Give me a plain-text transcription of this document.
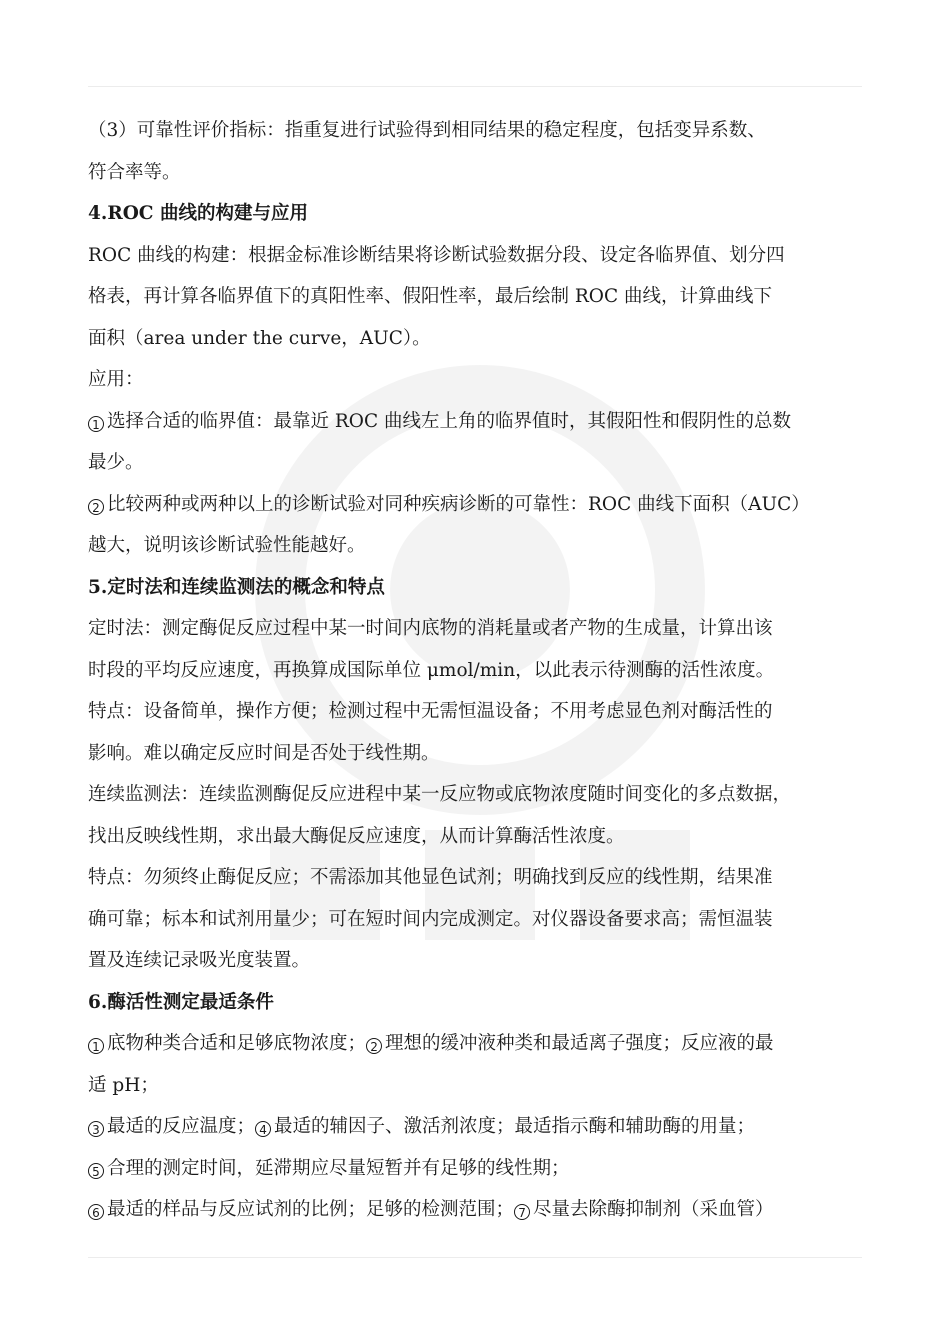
（3）可靠性评价指标：指重复进行试验得到相同结果的稳定程度，包括变异系数、
符合率等。
4.ROC 曲线的构建与应用
ROC 曲线的构建：根据金标准诊断结果将诊断试验数据分段、设定各临界值、划分四
格表，再计算各临界值下的真阳性率、假阳性率，最后绘制 ROC 曲线，计算曲线下
面积（area under the curve，AUC）。
应用：
1 选择合适的临界值：最靠近 ROC 曲线左上角的临界值时，其假阳性和假阴性的总数
最少。
2 比较两种或两种以上的诊断试验对同种疾病诊断的可靠性：ROC 曲线下面积（AUC）
越大，说明该诊断试验性能越好。
5.定时法和连续监测法的概念和特点
定时法：测定酶促反应过程中某一时间内底物的消耗量或者产物的生成量，计算出该
时段的平均反应速度，再换算成国际单位 μmol/min，以此表示待测酶的活性浓度。
特点：设备简单，操作方便；检测过程中无需恒温设备；不用考虑显色剂对酶活性的
影响。难以确定反应时间是否处于线性期。
连续监测法：连续监测酶促反应进程中某一反应物或底物浓度随时间变化的多点数据，
找出反映线性期，求出最大酶促反应速度，从而计算酶活性浓度。
特点：勿须终止酶促反应；不需添加其他显色试剂；明确找到反应的线性期，结果准
确可靠；标本和试剂用量少；可在短时间内完成测定。对仪器设备要求高；需恒温装
置及连续记录吸光度装置。
6.酶活性测定最适条件
1 底物种类合适和足够底物浓度； 2 理想的缓冲液种类和最适离子强度；反应液的最
适 pH；
3 最适的反应温度； 4 最适的辅因子、激活剂浓度；最适指示酶和辅助酶的用量；
5 合理的测定时间，延滞期应尽量短暂并有足够的线性期；
6 最适的样品与反应试剂的比例；足够的检测范围； 7 尽量去除酶抑制剂（采血管）
